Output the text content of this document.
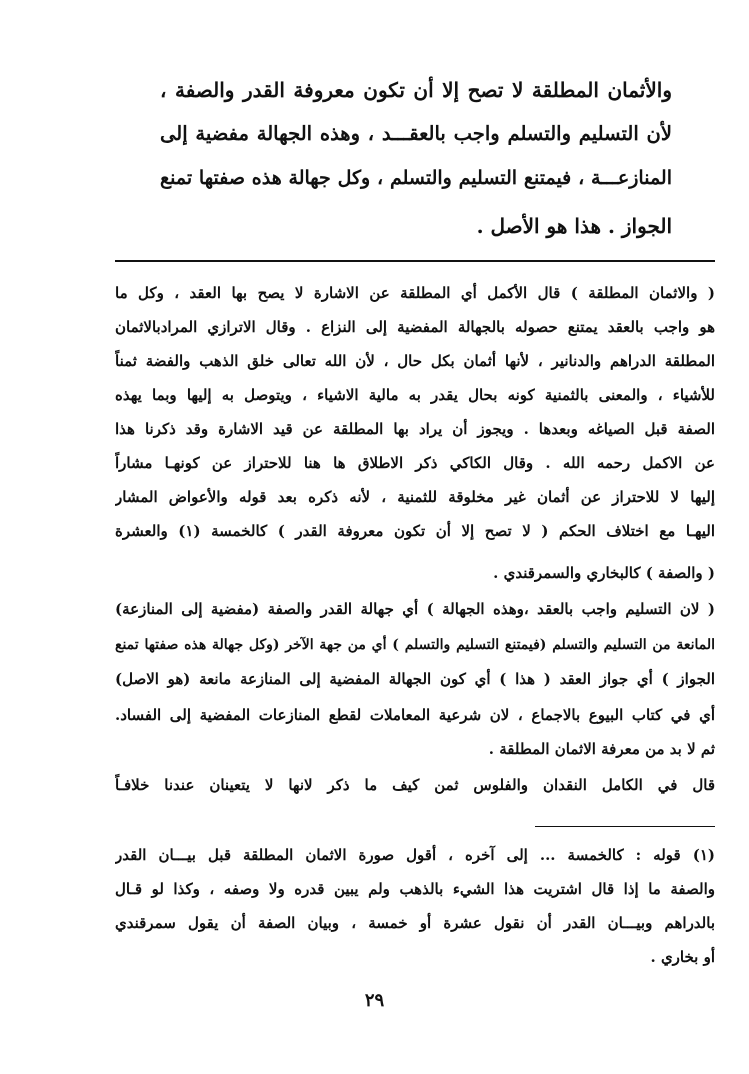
والأثمان المطلقة لا تصح إلا أن تكون معروفة القدر والصفة ،
لأن التسليم والتسلم واجب بالعقـــد ، وهذه الجهالة مفضية إلى
المنازعـــة ، فيمتنع التسليم والتسلم ، وكل جهالة هذه صفتها تمنع
الجواز . هذا هو الأصل .
( والاثمان المطلقة ) قال الأكمل أي المطلقة عن الاشارة لا يصح بها العقد ، وكل ما
هو واجب بالعقد يمتنع حصوله بالجهالة المفضية إلى النزاع . وقال الاترازي المرادبالاثمان
المطلقة الدراهم والدنانير ، لأنها أثمان بكل حال ، لأن الله تعالى خلق الذهب والفضة ثمناً
للأشياء ، والمعنى بالثمنية كونه بحال يقدر به مالية الاشياء ، ويتوصل به إليها وبما يهذه
الصفة قبل الصياغه وبعدها . ويجوز أن يراد بها المطلقة عن قيد الاشارة وقد ذكرنا هذا
عن الاكمل رحمه الله . وقال الكاكي ذكر الاطلاق ها هنا للاحتراز عن كونهـا مشاراً
إليها لا للاحتراز عن أثمان غير مخلوقة للثمنية ، لأنه ذكره بعد قوله والأعواض المشار
اليهـا مع اختلاف الحكم ( لا تصح إلا أن تكون معروفة القدر ) كالخمسة (١) والعشرة
( والصفة ) كالبخاري والسمرقندي .
( لان التسليم واجب بالعقد ،وهذه الجهالة ) أي جهالة القدر والصفة (مفضية إلى المنازعة)
المانعة من التسليم والتسلم (فيمتنع التسليم والتسلم ) أي من جهة الآخر (وكل جهالة هذه صفتها تمنع
الجواز ) أي جواز العقد ( هذا ) أي كون الجهالة المفضية إلى المنازعة مانعة (هو الاصل)
أي في كتاب البيوع بالاجماع ، لان شرعية المعاملات لقطع المنازعات المفضية إلى الفساد.
ثم لا بد من معرفة الاثمان المطلقة .
قال في الكامل النقدان والفلوس ثمن كيف ما ذكر لانها لا يتعينان عندنا خلافـاً
(١) قوله : كالخمسة ... إلى آخره ، أقول صورة الاثمان المطلقة قبل بيـــان القدر
والصفة ما إذا قال اشتريت هذا الشيء بالذهب ولم يبين قدره ولا وصفه ، وكذا لو قـال
بالدراهم وبيـــان القدر أن نقول عشرة أو خمسة ، وبيان الصفة أن يقول سمرقندي
أو بخاري .
٢٩
